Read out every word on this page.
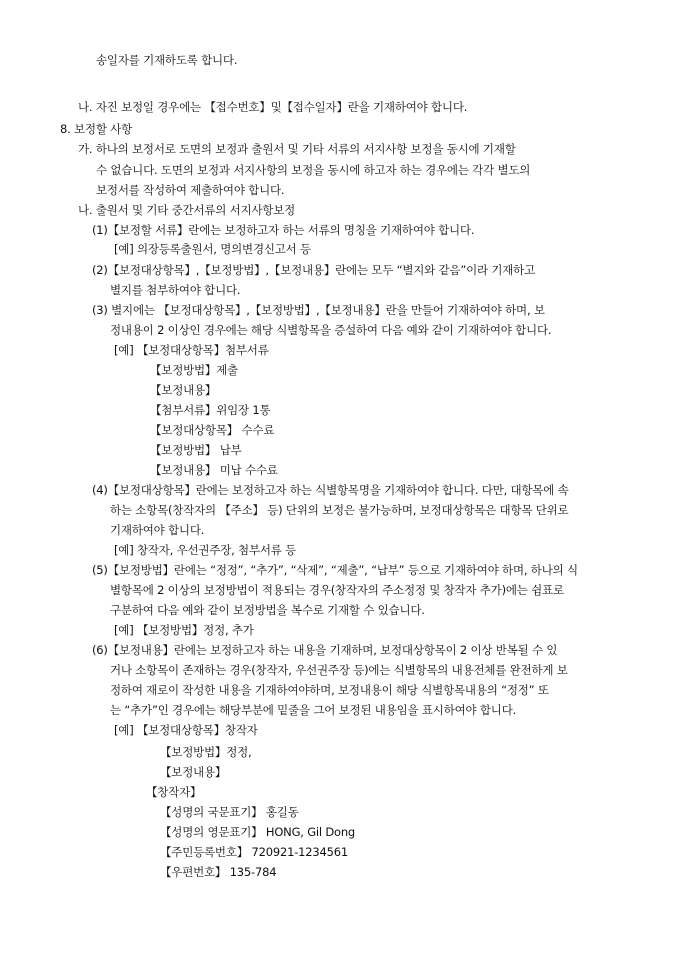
송일자를 기재하도록 합니다.
나. 자진 보정일 경우에는 【접수번호】및【접수일자】란을 기재하여야 합니다.
8. 보정할 사항
가. 하나의 보정서로 도면의 보정과 출원서 및 기타 서류의 서지사항 보정을 동시에 기재할
수 없습니다. 도면의 보정과 서지사항의 보정을 동시에 하고자 하는 경우에는 각각 별도의
보정서를 작성하여 제출하여야 합니다.
나. 출원서 및 기타 중간서류의 서지사항보정
(1)【보정할 서류】란에는 보정하고자 하는 서류의 명칭을 기재하여야 합니다.
[예] 의장등록출원서, 명의변경신고서 등
(2)【보정대상항목】,【보정방법】,【보정내용】란에는 모두 “별지와 같음”이라 기재하고
별지를 첨부하여야 합니다.
(3) 별지에는 【보정대상항목】,【보정방법】,【보정내용】란을 만들어 기재하여야 하며, 보
정내용이 2 이상인 경우에는 해당 식별항목을 증설하여 다음 예와 같이 기재하여야 합니다.
[예] 【보정대상항목】첨부서류
【보정방법】제출
【보정내용】
【첨부서류】위임장 1통
【보정대상항목】 수수료
【보정방법】 납부
【보정내용】 미납 수수료
(4)【보정대상항목】란에는 보정하고자 하는 식별항목명을 기재하여야 합니다. 다만, 대항목에 속
하는 소항목(창작자의 【주소】 등) 단위의 보정은 불가능하며, 보정대상항목은 대항목 단위로
기재하여야 합니다.
[예] 창작자, 우선권주장, 첨부서류 등
(5)【보정방법】란에는 “정정”, “추가”, “삭제”, “제출”, “납부” 등으로 기재하여야 하며, 하나의 식
별항목에 2 이상의 보정방법이 적용되는 경우(창작자의 주소정정 및 창작자 추가)에는 쉼표로
구분하여 다음 예와 같이 보정방법을 복수로 기재할 수 있습니다.
[예] 【보정방법】정정, 추가
(6)【보정내용】란에는 보정하고자 하는 내용을 기재하며, 보정대상항목이 2 이상 반복될 수 있
거나 소항목이 존재하는 경우(창작자, 우선권주장 등)에는 식별항목의 내용전체를 완전하게 보
정하여 재로이 작성한 내용을 기재하여야하며, 보정내용이 해당 식별항목내용의 “정정” 또
는 “추가”인 경우에는 해당부분에 밑줄을 그어 보정된 내용임을 표시하여야 합니다.
[예] 【보정대상항목】창작자
【보정방법】정정,
【보정내용】
【창작자】
【성명의 국문표기】 홍길동
【성명의 영문표기】 HONG, Gil Dong
【주민등록번호】 720921-1234561
【우편번호】 135-784
